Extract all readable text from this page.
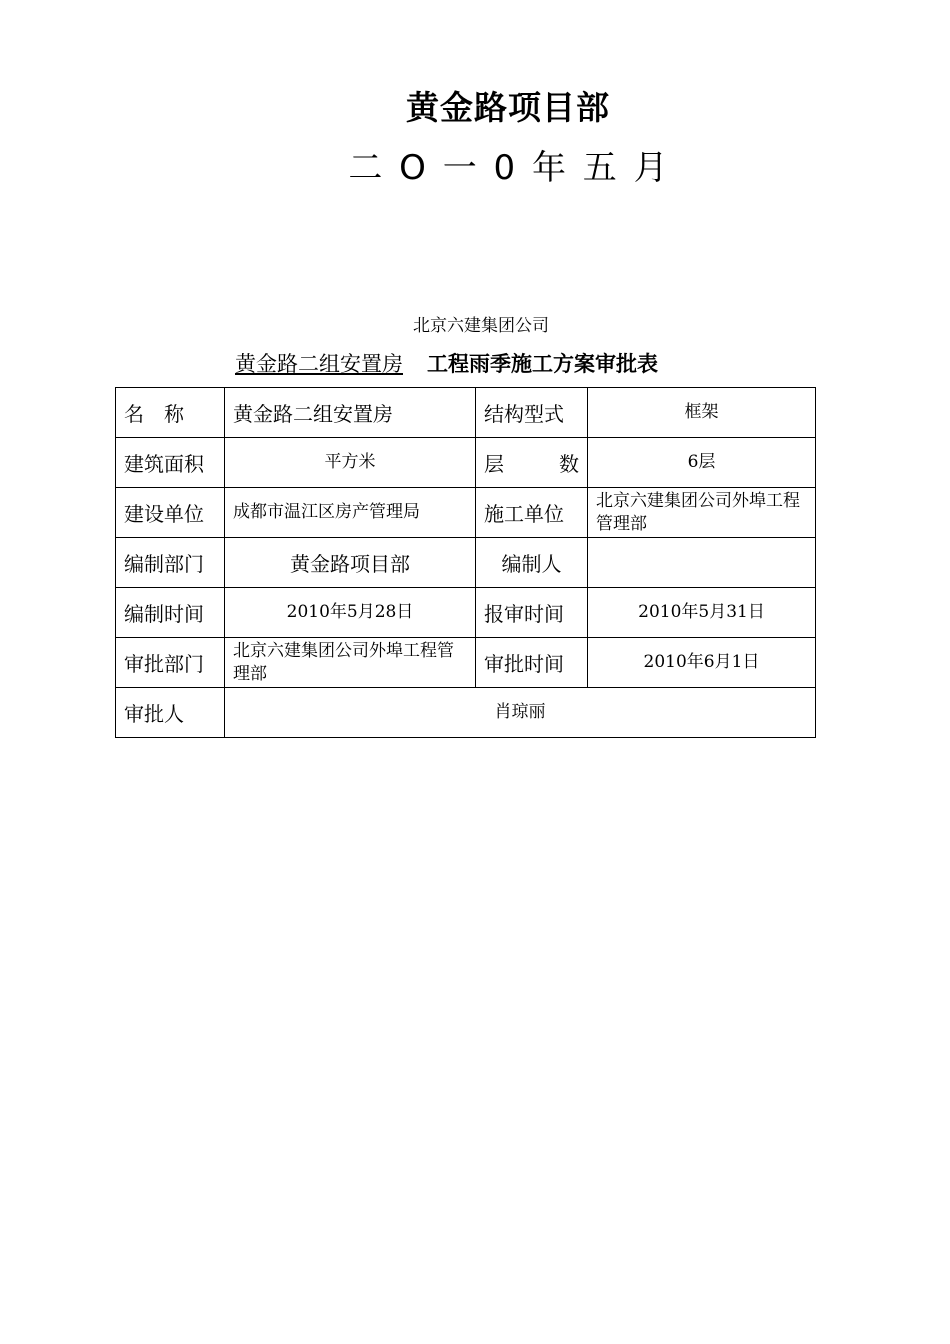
黄金路项目部
二 O 一 0 年 五 月
北京六建集团公司
黄金路二组安置房 工程雨季施工方案审批表
名　称	黄金路二组安置房	结构型式	框架
建筑面积	平方米	层　数	6层
建设单位	成都市温江区房产管理局	施工单位	北京六建集团公司外埠工程管理部
编制部门	黄金路项目部	编制人	
编制时间	2010年5月28日	报审时间	2010年5月31日
审批部门	北京六建集团公司外埠工程管理部	审批时间	2010年6月1日
审批人	肖琼丽		
